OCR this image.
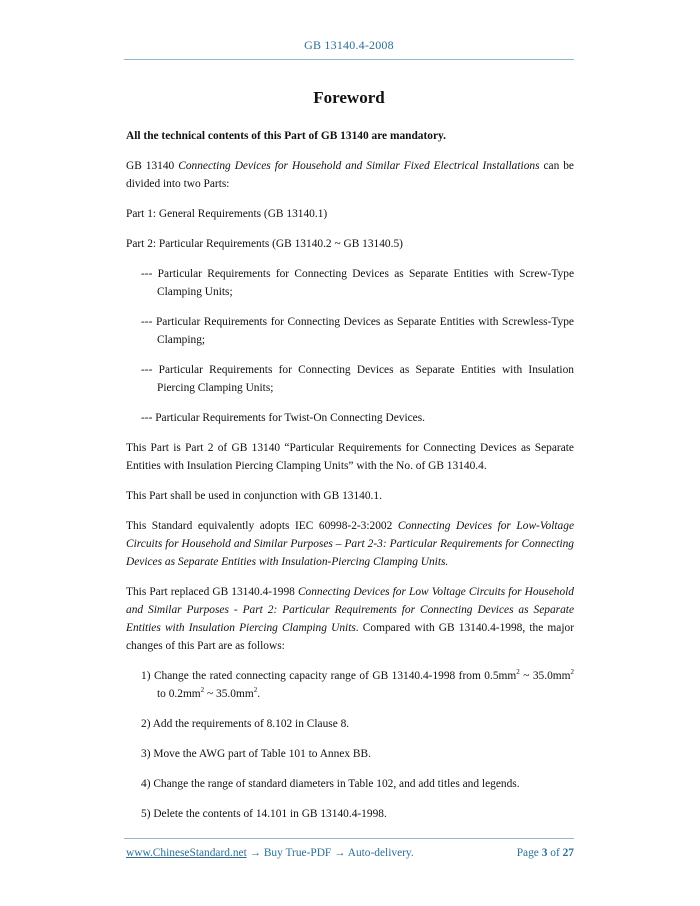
GB 13140.4-2008
Foreword

All the technical contents of this Part of GB 13140 are mandatory.

GB 13140 Connecting Devices for Household and Similar Fixed Electrical Installations can be divided into two Parts:

Part 1: General Requirements (GB 13140.1)

Part 2: Particular Requirements (GB 13140.2 ~ GB 13140.5)

--- Particular Requirements for Connecting Devices as Separate Entities with Screw-Type Clamping Units;

--- Particular Requirements for Connecting Devices as Separate Entities with Screwless-Type Clamping;

--- Particular Requirements for Connecting Devices as Separate Entities with Insulation Piercing Clamping Units;

--- Particular Requirements for Twist-On Connecting Devices.

This Part is Part 2 of GB 13140 “Particular Requirements for Connecting Devices as Separate Entities with Insulation Piercing Clamping Units” with the No. of GB 13140.4.

This Part shall be used in conjunction with GB 13140.1.

This Standard equivalently adopts IEC 60998-2-3:2002 Connecting Devices for Low-Voltage Circuits for Household and Similar Purposes – Part 2-3: Particular Requirements for Connecting Devices as Separate Entities with Insulation-Piercing Clamping Units.

This Part replaced GB 13140.4-1998 Connecting Devices for Low Voltage Circuits for Household and Similar Purposes - Part 2: Particular Requirements for Connecting Devices as Separate Entities with Insulation Piercing Clamping Units. Compared with GB 13140.4-1998, the major changes of this Part are as follows:

1) Change the rated connecting capacity range of GB 13140.4-1998 from $0.5mm^2$ ~ $35.0mm^2$ to $0.2mm^2$ ~ $35.0mm^2$.

2) Add the requirements of 8.102 in Clause 8.

3) Move the AWG part of Table 101 to Annex BB.

4) Change the range of standard diameters in Table 102, and add titles and legends.

5) Delete the contents of 14.101 in GB 13140.4-1998.

www.ChineseStandard.net → Buy True-PDF → Auto-delivery.	Page 3 of 27
